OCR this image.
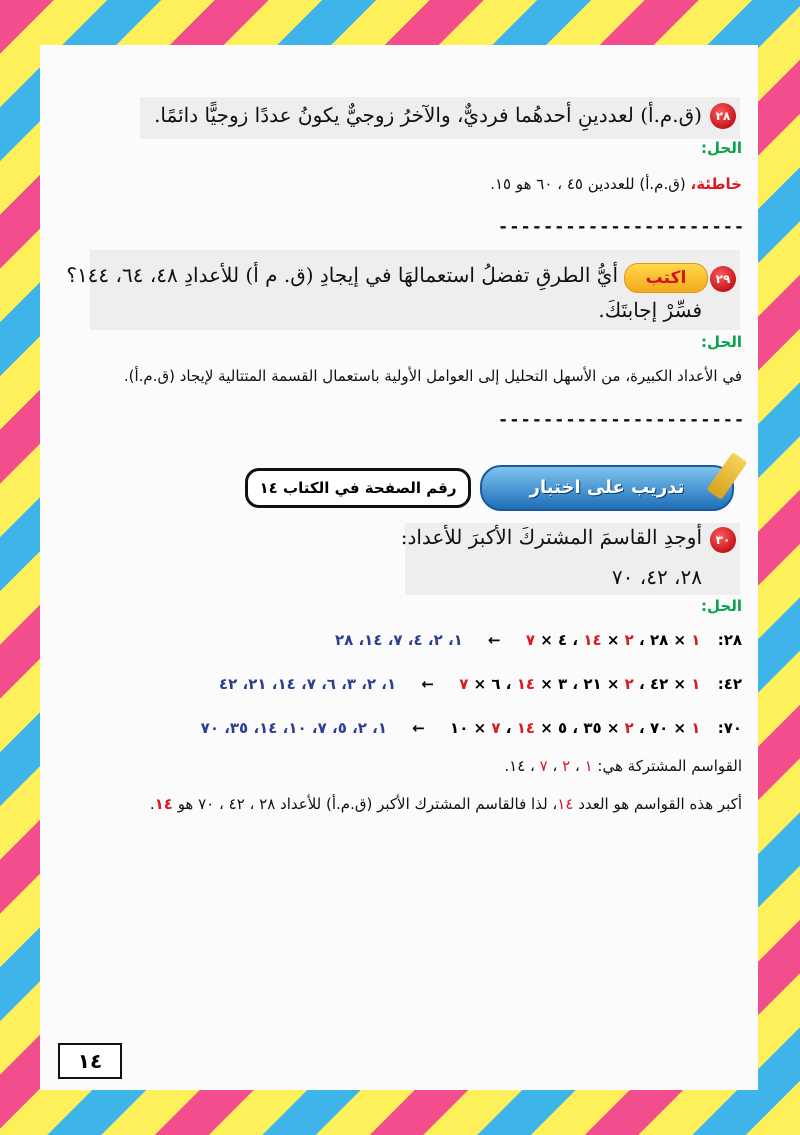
٢٨
(ق.م.أ) لعددينِ أحدهُما فرديٌّ، والآخرُ زوجيٌّ يكونُ عددًا زوجيًّا دائمًا.
الحل:
خاطئة، (ق.م.أ) للعددين ٤٥ ، ٦٠ هو ١٥.
----------------------
٢٩
اكتب
أيُّ الطرقِ تفضلُ استعمالهَا في إيجادِ (ق. م أ) للأعدادِ ٤٨، ٦٤، ١٤٤؟
فسِّرْ إجابتَكَ.
الحل:
في الأعداد الكبيرة، من الأسهل التحليل إلى العوامل الأولية باستعمال القسمة المتتالية لإيجاد (ق.م.أ).
----------------------
تدريب على اختبار
رقم الصفحة في الكتاب ١٤
٣٠
أوجدِ القاسمَ المشتركَ الأكبرَ للأعداد:
٢٨، ٤٢، ٧٠
الحل:
٢٨: ١ × ٢٨ ، ٢ × ١٤ ، ٤ × ٧ ← ١، ٢، ٤، ٧، ١٤، ٢٨
٤٢: ١ × ٤٢ ، ٢ × ٢١ ، ٣ × ١٤ ، ٦ × ٧ ← ١، ٢، ٣، ٦، ٧، ١٤، ٢١، ٤٢
٧٠: ١ × ٧٠ ، ٢ × ٣٥ ، ٥ × ١٤ ، ٧ × ١٠ ← ١، ٢، ٥، ٧، ١٠، ١٤، ٣٥، ٧٠
القواسم المشتركة هي: ١ ، ٢ ، ٧ ، ١٤.
أكبر هذه القواسم هو العدد ١٤، لذا فالقاسم المشترك الأكبر (ق.م.أ) للأعداد ٢٨ ، ٤٢ ، ٧٠ هو ١٤.
١٤
